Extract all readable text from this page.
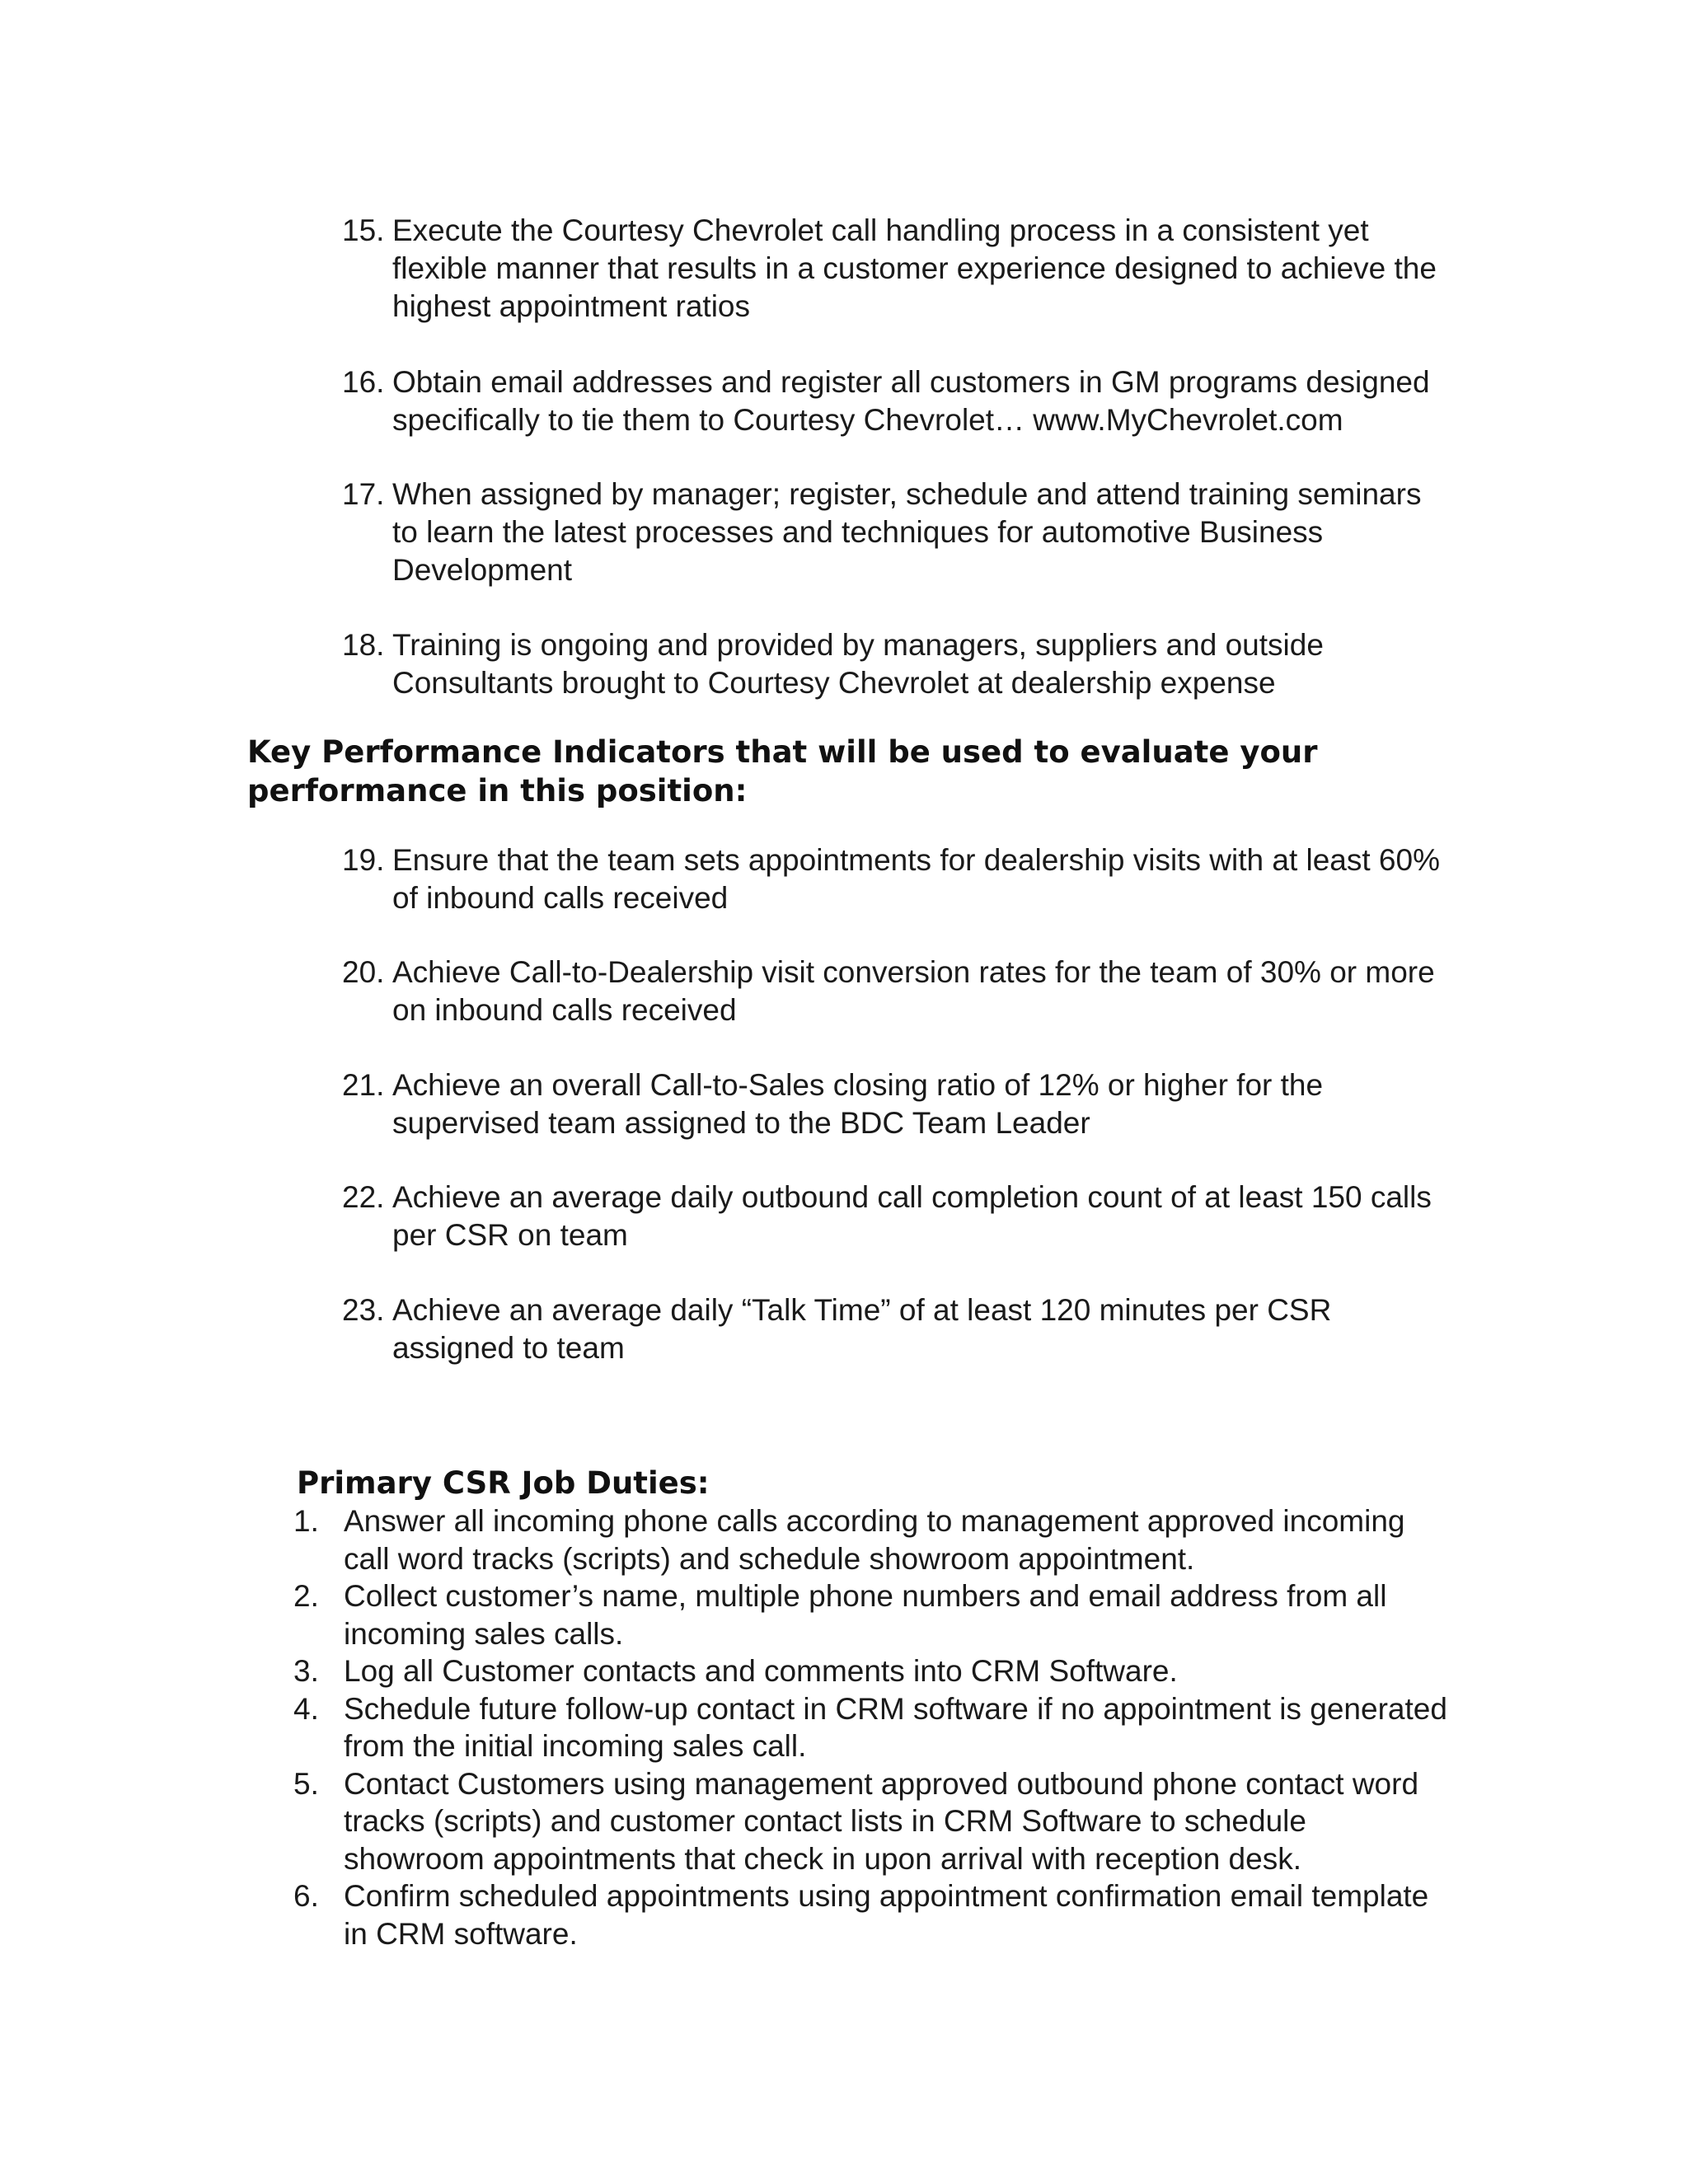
15. Execute the Courtesy Chevrolet call handling process in a consistent yet flexible manner that results in a customer experience designed to achieve the highest appointment ratios
16. Obtain email addresses and register all customers in GM programs designed specifically to tie them to Courtesy Chevrolet… www.MyChevrolet.com
17. When assigned by manager; register, schedule and attend training seminars to learn the latest processes and techniques for automotive Business Development
18. Training is ongoing and provided by managers, suppliers and outside Consultants brought to Courtesy Chevrolet at dealership expense
Key Performance Indicators that will be used to evaluate your performance in this position:
19. Ensure that the team sets appointments for dealership visits with at least 60% of inbound calls received
20. Achieve Call-to-Dealership visit conversion rates for the team of 30% or more on inbound calls received
21. Achieve an overall Call-to-Sales closing ratio of 12% or higher for the supervised team assigned to the BDC Team Leader
22. Achieve an average daily outbound call completion count of at least 150 calls per CSR on team
23. Achieve an average daily “Talk Time” of at least 120 minutes per CSR assigned to team
Primary CSR Job Duties:
1. Answer all incoming phone calls according to management approved incoming call word tracks (scripts) and schedule showroom appointment.
2. Collect customer’s name, multiple phone numbers and email address from all incoming sales calls.
3. Log all Customer contacts and comments into CRM Software.
4. Schedule future follow-up contact in CRM software if no appointment is generated from the initial incoming sales call.
5. Contact Customers using management approved outbound phone contact word tracks (scripts) and customer contact lists in CRM Software to schedule showroom appointments that check in upon arrival with reception desk.
6. Confirm scheduled appointments using appointment confirmation email template in CRM software.
